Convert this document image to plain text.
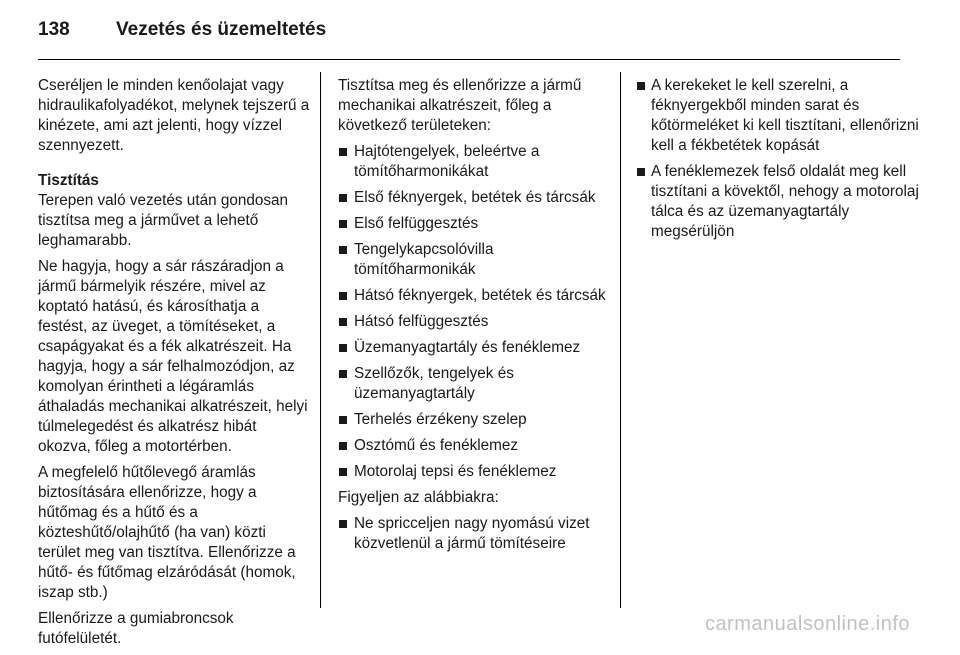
138	Vezetés és üzemeltetés

Cseréljen le minden kenőolajat vagy hidraulikafolyadékot, melynek tejszerű a kinézete, ami azt jelenti, hogy vízzel szennyezett.

Tisztítás

Terepen való vezetés után gondosan tisztítsa meg a járművet a lehető leghamarabb.

Ne hagyja, hogy a sár rászáradjon a jármű bármelyik részére, mivel az koptató hatású, és károsíthatja a festést, az üveget, a tömítéseket, a csapágyakat és a fék alkatrészeit. Ha hagyja, hogy a sár felhalmozódjon, az komolyan érintheti a légáramlás áthaladás mechanikai alkatrészeit, helyi túlmelegedést és alkatrész hibát okozva, főleg a motortérben.

A megfelelő hűtőlevegő áramlás biztosítására ellenőrizze, hogy a hűtőmag és a hűtő és a közteshűtő/olajhűtő (ha van) közti terület meg van tisztítva. Ellenőrizze a hűtő- és fűtőmag elzáródását (homok, iszap stb.)

Ellenőrizze a gumiabroncsok futófelületét.

Tisztítsa meg és ellenőrizze a jármű mechanikai alkatrészeit, főleg a következő területeken:

Hajtótengelyek, beleértve a tömítőharmonikákat
Első féknyergek, betétek és tárcsák
Első felfüggesztés
Tengelykapcsolóvilla tömítőharmonikák
Hátsó féknyergek, betétek és tárcsák
Hátsó felfüggesztés
Üzemanyagtartály és fenéklemez
Szellőzők, tengelyek és üzemanyagtartály
Terhelés érzékeny szelep
Osztómű és fenéklemez
Motorolaj tepsi és fenéklemez

Figyeljen az alábbiakra:

Ne spricceljen nagy nyomású vizet közvetlenül a jármű tömítéseire
A kerekeket le kell szerelni, a féknyergekből minden sarat és kőtörmeléket ki kell tisztítani, ellenőrizni kell a fékbetétek kopását
A fenéklemezek felső oldalát meg kell tisztítani a kövektől, nehogy a motorolaj tálca és az üzemanyagtartály megsérüljön
carmanualsonline.info
